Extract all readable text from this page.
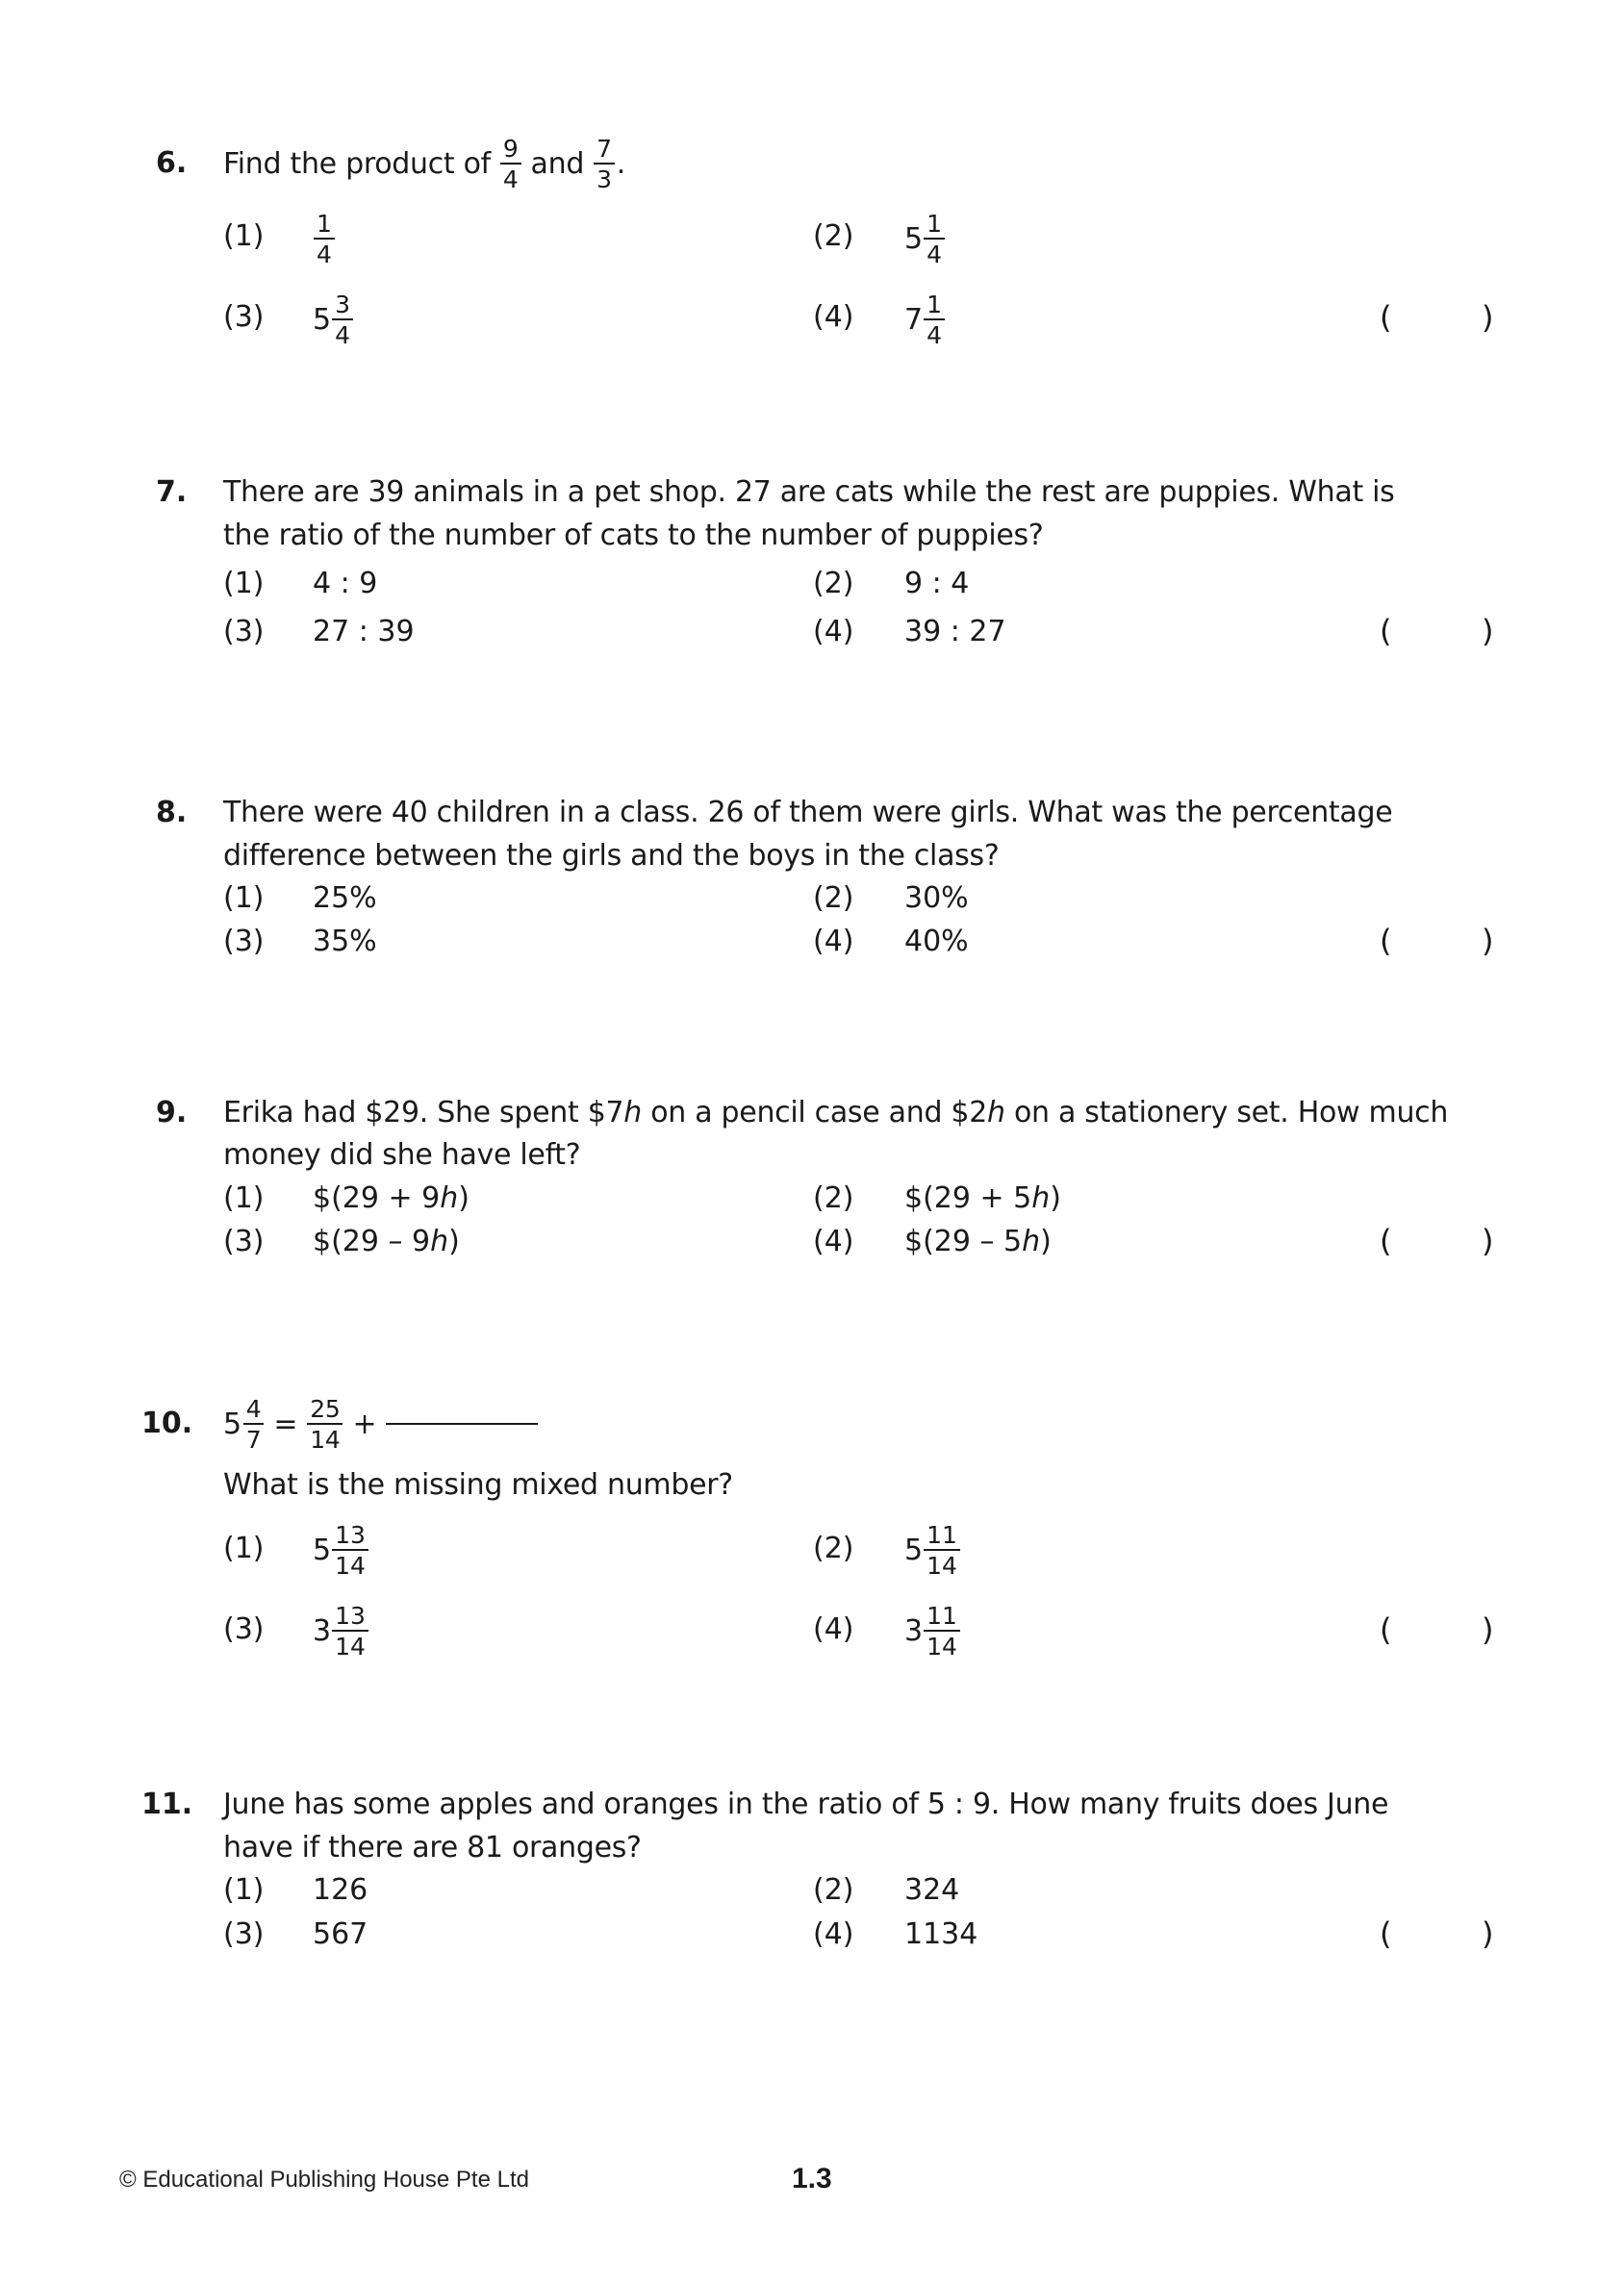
6. Find the product of $\frac{9}{4}$ and $\frac{7}{3}$ .
$(1) \frac{1}{4}$	(2) $5 \frac{1}{4}$
(3) $5 \frac{3}{4}$	(4) $7 \frac{1}{4}$	(	)
7. There are 39 animals in a pet shop. 27 are cats while the rest are puppies. What is
the ratio of the number of cats to the number of puppies?
(1) 4 : 9	(2) 9 : 4
(3) 27 : 39	(4) 39 : 27	(	)
8. There were 40 children in a class. 26 of them were girls. What was the percentage
difference between the girls and the boys in the class?
(1) 25%	(2) 30%
(3) 35%	(4) 40%	(	)
9. Erika had $29. She spent $7h on a pencil case and $2h on a stationery set. How much
money did she have left?
(1) $(29 + 9h)	(2) $(29 + 5h)
(3) $(29 – 9h)	(4) $(29 – 5h)	(	)
10. $5 \frac{4}{7} = \frac{25}{14}$ +
What is the missing mixed number?
(1) $5 \frac{13}{14}$	(2) $5 \frac{11}{14}$
(3) $3 \frac{13}{14}$	(4) $3 \frac{11}{14}$	(	)
11. June has some apples and oranges in the ratio of 5 : 9. How many fruits does June
have if there are 81 oranges?
(1) 126	(2) 324
(3) 567	(4) 1134	(	)
© Educational Publishing House Pte Ltd	1.3
